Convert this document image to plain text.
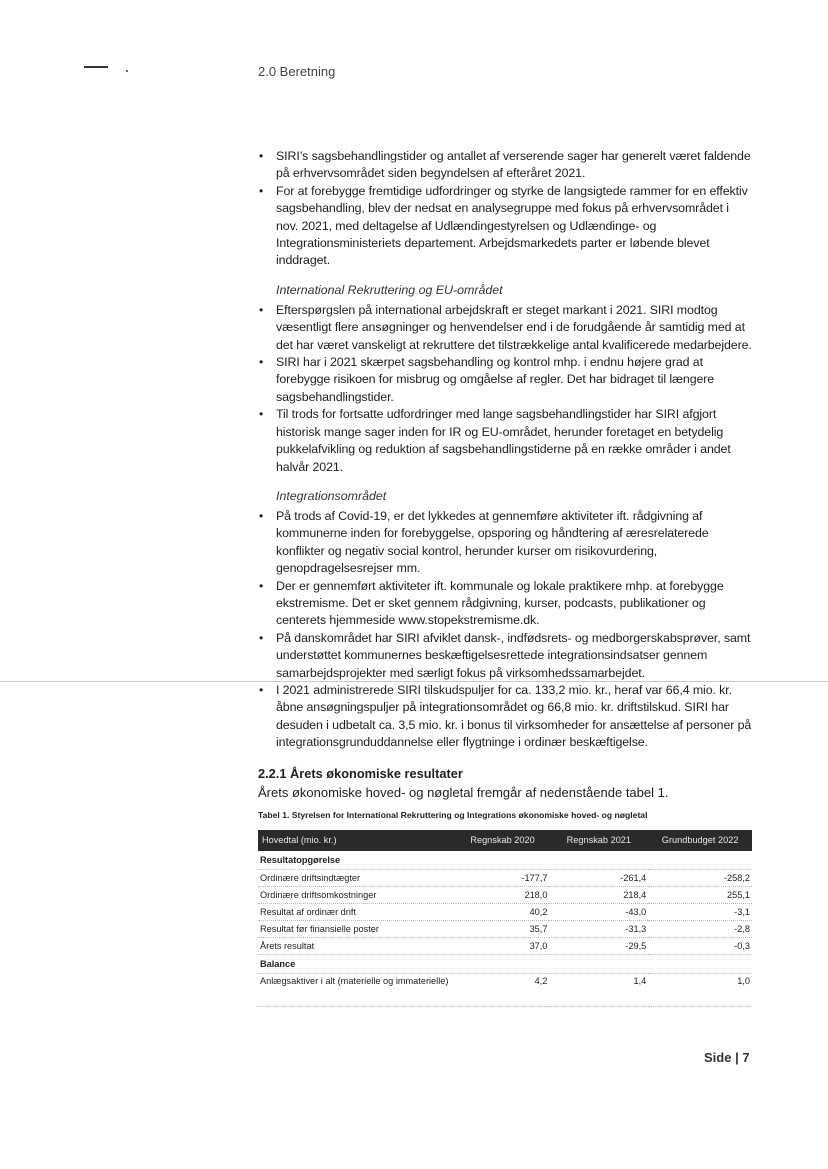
2.0 Beretning
• SIRI’s sagsbehandlingstider og antallet af verserende sager har generelt været faldende på erhvervsområdet siden begyndelsen af efteråret 2021.
• For at forebygge fremtidige udfordringer og styrke de langsigtede rammer for en effektiv sagsbehandling, blev der nedsat en analysegruppe med fokus på erhvervsområdet i nov. 2021, med deltagelse af Udlændingestyrelsen og Udlændinge- og Integrationsministeriets departement. Arbejdsmarkedets parter er løbende blevet inddraget.
International Rekruttering og EU-området
• Efterspørgslen på international arbejdskraft er steget markant i 2021. SIRI modtog væsentligt flere ansøgninger og henvendelser end i de forudgående år samtidig med at det har været vanskeligt at rekruttere det tilstrækkelige antal kvalificerede medarbejdere.
• SIRI har i 2021 skærpet sagsbehandling og kontrol mhp. i endnu højere grad at forebygge risikoen for misbrug og omgåelse af regler. Det har bidraget til længere sagsbehandlingstider.
• Til trods for fortsatte udfordringer med lange sagsbehandlingstider har SIRI afgjort historisk mange sager inden for IR og EU-området, herunder foretaget en betydelig pukkelafvikling og reduktion af sagsbehandlingstiderne på en række områder i andet halvår 2021.
Integrationsområdet
• På trods af Covid-19, er det lykkedes at gennemføre aktiviteter ift. rådgivning af kommunerne inden for forebyggelse, opsporing og håndtering af æresrelaterede konflikter og negativ social kontrol, herunder kurser om risikovurdering, genopdragelsesrejser mm.
• Der er gennemført aktiviteter ift. kommunale og lokale praktikere mhp. at forebygge ekstremisme. Det er sket gennem rådgivning, kurser, podcasts, publikationer og centerets hjemmeside www.stopekstremisme.dk.
• På danskområdet har SIRI afviklet dansk-, indfødsrets- og medborgerskabsprøver, samt understøttet kommunernes beskæftigelsesrettede integrationsindsatser gennem samarbejdsprojekter med særligt fokus på virksomhedssamarbejdet.
• I 2021 administrerede SIRI tilskudspuljer for ca. 133,2 mio. kr., heraf var 66,4 mio. kr. åbne ansøgningspuljer på integrationsområdet og 66,8 mio. kr. driftstilskud. SIRI har desuden i udbetalt ca. 3,5 mio. kr. i bonus til virksomheder for ansættelse af personer på integrationsgrunduddannelse eller flygtninge i ordinær beskæftigelse.
2.2.1 Årets økonomiske resultater
Årets økonomiske hoved- og nøgletal fremgår af nedenstående tabel 1.
Tabel 1. Styrelsen for International Rekruttering og Integrations økonomiske hoved- og nøgletal
Hovedtal (mio. kr.)	Regnskab 2020	Regnskab 2021	Grundbudget 2022
Resultatopgørelse			
Ordinære driftsindtægter	-177,7	-261,4	-258,2
Ordinære driftsomkostninger	218,0	218,4	255,1
Resultat af ordinær drift	40,2	-43,0	-3,1
Resultat før finansielle poster	35,7	-31,3	-2,8
Årets resultat	37,0	-29,5	-0,3
Balance			
Anlægsaktiver i alt (materielle og immaterielle)	4,2	1,4	1,0
Side | 7
